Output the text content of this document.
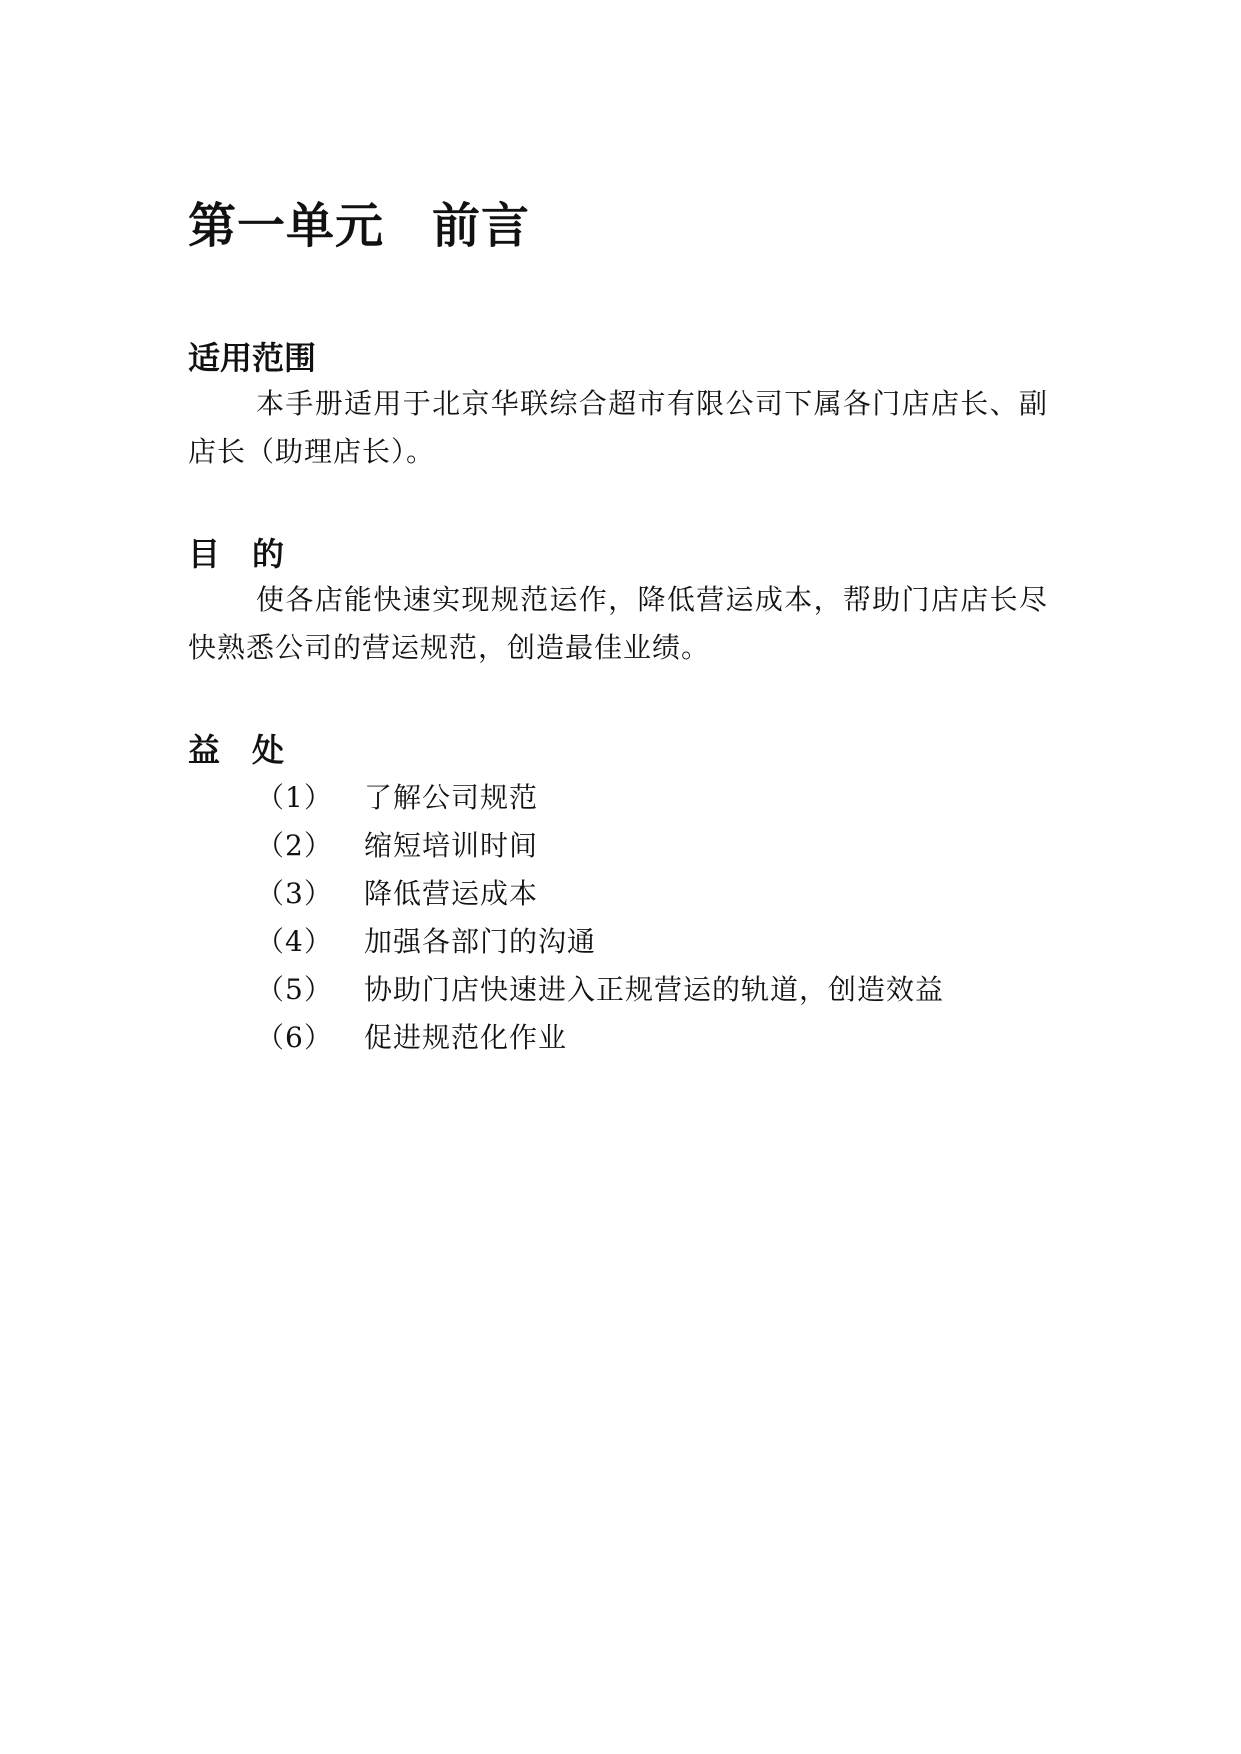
第一单元 前言
适用范围

本手册适用于北京华联综合超市有限公司下属各门店店长、副店长（助理店长）。

目 的

使各店能快速实现规范运作，降低营运成本，帮助门店店长尽快熟悉公司的营运规范，创造最佳业绩。

益 处
（1）	了解公司规范
（2）	缩短培训时间
（3）	降低营运成本
（4）	加强各部门的沟通
（5）	协助门店快速进入正规营运的轨道，创造效益
（6）	促进规范化作业
